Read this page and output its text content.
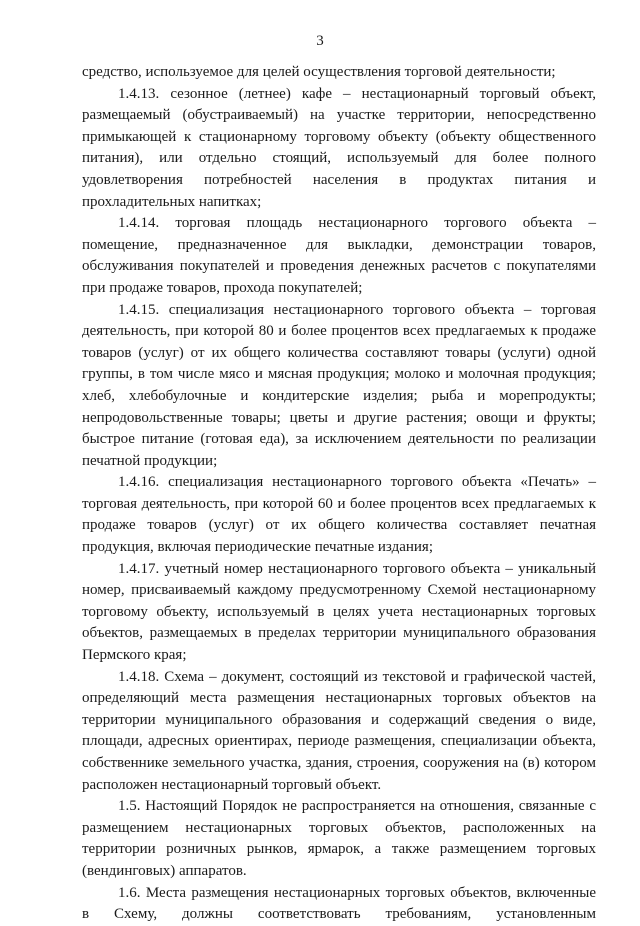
3

средство, используемое для целей осуществления торговой деятельности;

1.4.13. сезонное (летнее) кафе – нестационарный торговый объект, размещаемый (обустраиваемый) на участке территории, непосредственно примыкающей к стационарному торговому объекту (объекту общественного питания), или отдельно стоящий, используемый для более полного удовлетворения потребностей населения в продуктах питания и прохладительных напитках;

1.4.14. торговая площадь нестационарного торгового объекта – помещение, предназначенное для выкладки, демонстрации товаров, обслуживания покупателей и проведения денежных расчетов с покупателями при продаже товаров, прохода покупателей;

1.4.15. специализация нестационарного торгового объекта – торговая деятельность, при которой 80 и более процентов всех предлагаемых к продаже товаров (услуг) от их общего количества составляют товары (услуги) одной группы, в том числе мясо и мясная продукция; молоко и молочная продукция; хлеб, хлебобулочные и кондитерские изделия; рыба и морепродукты; непродовольственные товары; цветы и другие растения; овощи и фрукты; быстрое питание (готовая еда), за исключением деятельности по реализации печатной продукции;

1.4.16. специализация нестационарного торгового объекта «Печать» – торговая деятельность, при которой 60 и более процентов всех предлагаемых к продаже товаров (услуг) от их общего количества составляет печатная продукция, включая периодические печатные издания;

1.4.17. учетный номер нестационарного торгового объекта – уникальный номер, присваиваемый каждому предусмотренному Схемой нестационарному торговому объекту, используемый в целях учета нестационарных торговых объектов, размещаемых в пределах территории муниципального образования Пермского края;

1.4.18. Схема – документ, состоящий из текстовой и графической частей, определяющий места размещения нестационарных торговых объектов на территории муниципального образования и содержащий сведения о виде, площади, адресных ориентирах, периоде размещения, специализации объекта, собственнике земельного участка, здания, строения, сооружения на (в) котором расположен нестационарный торговый объект.

1.5. Настоящий Порядок не распространяется на отношения, связанные с размещением нестационарных торговых объектов, расположенных на территории розничных рынков, ярмарок, а также размещением торговых (вендинговых) аппаратов.

1.6. Места размещения нестационарных торговых объектов, включенные в Схему, должны соответствовать требованиям, установленным
